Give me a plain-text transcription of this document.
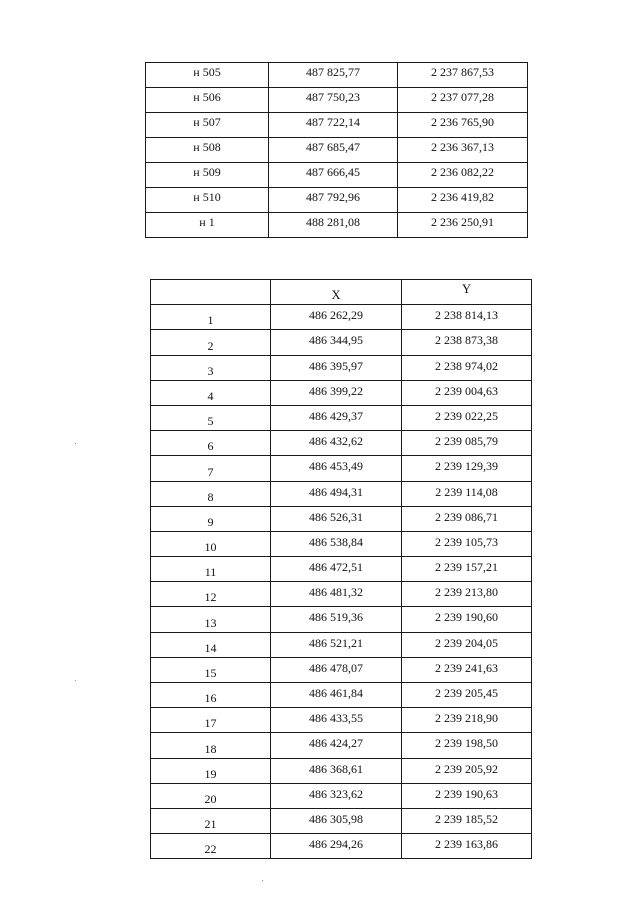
н 505	487 825,77	2 237 867,53
н 506	487 750,23	2 237 077,28
н 507	487 722,14	2 236 765,90
н 508	487 685,47	2 236 367,13
н 509	487 666,45	2 236 082,22
н 510	487 792,96	2 236 419,82
н 1	488 281,08	2 236 250,91
	X	Y
1	486 262,29	2 238 814,13
2	486 344,95	2 238 873,38
3	486 395,97	2 238 974,02
4	486 399,22	2 239 004,63
5	486 429,37	2 239 022,25
6	486 432,62	2 239 085,79
7	486 453,49	2 239 129,39
8	486 494,31	2 239 114,08
9	486 526,31	2 239 086,71
10	486 538,84	2 239 105,73
11	486 472,51	2 239 157,21
12	486 481,32	2 239 213,80
13	486 519,36	2 239 190,60
14	486 521,21	2 239 204,05
15	486 478,07	2 239 241,63
16	486 461,84	2 239 205,45
17	486 433,55	2 239 218,90
18	486 424,27	2 239 198,50
19	486 368,61	2 239 205,92
20	486 323,62	2 239 190,63
21	486 305,98	2 239 185,52
22	486 294,26	2 239 163,86
